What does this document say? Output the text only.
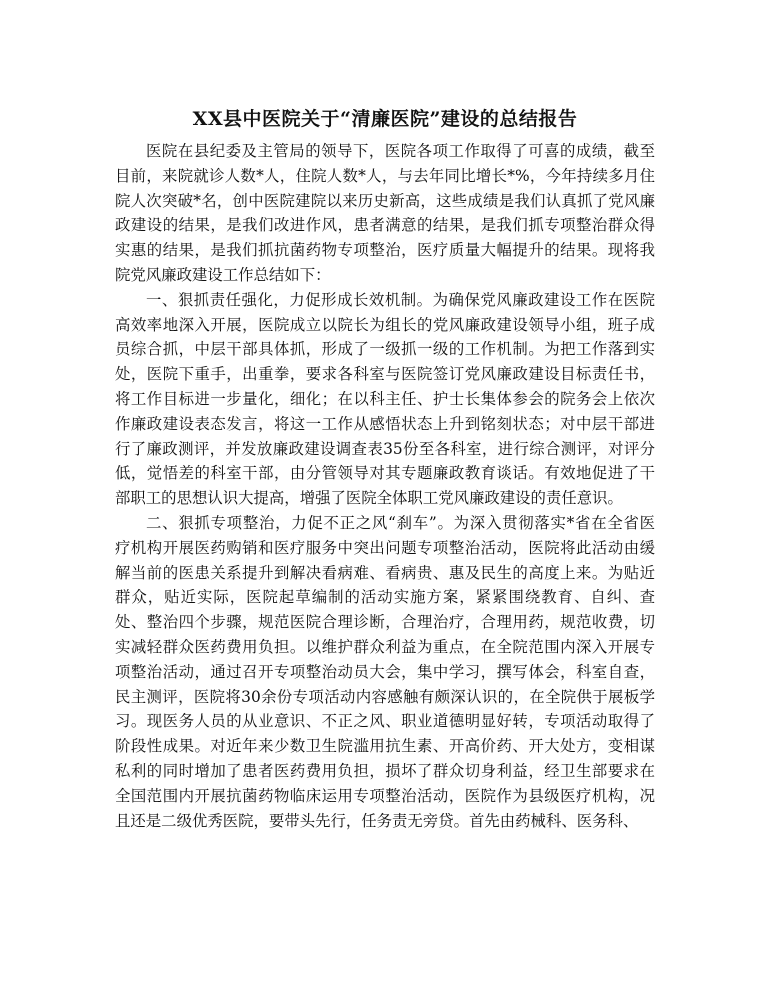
XX县中医院关于“清廉医院”建设的总结报告
医院在县纪委及主管局的领导下，医院各项工作取得了可喜的成绩，截至
目前，来院就诊人数*人，住院人数*人，与去年同比增长*%，今年持续多月住
院人次突破*名，创中医院建院以来历史新高，这些成绩是我们认真抓了党风廉
政建设的结果，是我们改进作风，患者满意的结果，是我们抓专项整治群众得
实惠的结果，是我们抓抗菌药物专项整治，医疗质量大幅提升的结果。现将我
院党风廉政建设工作总结如下：
一、狠抓责任强化，力促形成长效机制。为确保党风廉政建设工作在医院
高效率地深入开展，医院成立以院长为组长的党风廉政建设领导小组，班子成
员综合抓，中层干部具体抓，形成了一级抓一级的工作机制。为把工作落到实
处，医院下重手，出重拳，要求各科室与医院签订党风廉政建设目标责任书，
将工作目标进一步量化，细化；在以科主任、护士长集体参会的院务会上依次
作廉政建设表态发言，将这一工作从感悟状态上升到铭刻状态；对中层干部进
行了廉政测评，并发放廉政建设调查表35份至各科室，进行综合测评，对评分
低，觉悟差的科室干部，由分管领导对其专题廉政教育谈话。有效地促进了干
部职工的思想认识大提高，增强了医院全体职工党风廉政建设的责任意识。
二、狠抓专项整治，力促不正之风“刹车”。为深入贯彻落实*省在全省医
疗机构开展医药购销和医疗服务中突出问题专项整治活动，医院将此活动由缓
解当前的医患关系提升到解决看病难、看病贵、惠及民生的高度上来。为贴近
群众，贴近实际，医院起草编制的活动实施方案，紧紧围绕教育、自纠、查
处、整治四个步骤，规范医院合理诊断，合理治疗，合理用药，规范收费，切
实减轻群众医药费用负担。以维护群众利益为重点，在全院范围内深入开展专
项整治活动，通过召开专项整治动员大会，集中学习，撰写体会，科室自查，
民主测评，医院将30余份专项活动内容感触有颇深认识的，在全院供于展板学
习。现医务人员的从业意识、不正之风、职业道德明显好转，专项活动取得了
阶段性成果。对近年来少数卫生院滥用抗生素、开高价药、开大处方，变相谋
私利的同时增加了患者医药费用负担，损坏了群众切身利益，经卫生部要求在
全国范围内开展抗菌药物临床运用专项整治活动，医院作为县级医疗机构，况
且还是二级优秀医院，要带头先行，任务责无旁贷。首先由药械科、医务科、
